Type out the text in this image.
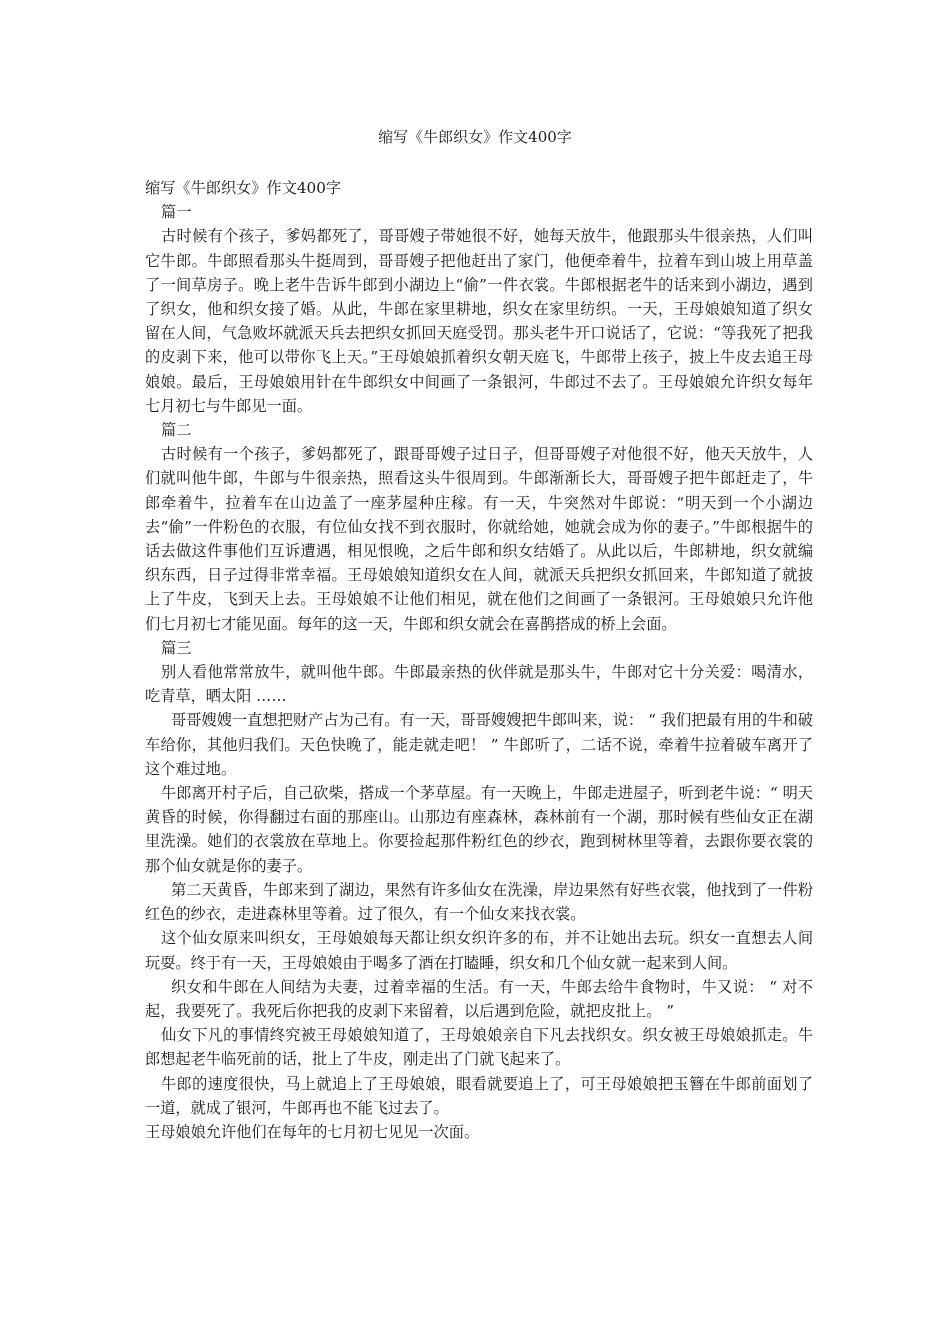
缩写《牛郎织女》作文400字

缩写《牛郎织女》作文400字

篇一

古时候有个孩子，爹妈都死了，哥哥嫂子带她很不好，她每天放牛，他跟那头牛很亲热，人们叫它牛郎。牛郎照看那头牛挺周到，哥哥嫂子把他赶出了家门，他便牵着牛，拉着车到山坡上用草盖了一间草房子。晚上老牛告诉牛郎到小湖边上“偷”一件衣裳。牛郎根据老牛的话来到小湖边，遇到了织女，他和织女接了婚。从此，牛郎在家里耕地，织女在家里纺织。一天，王母娘娘知道了织女留在人间，气急败坏就派天兵去把织女抓回天庭受罚。那头老牛开口说话了，它说：“等我死了把我的皮剥下来，他可以带你飞上天。”王母娘娘抓着织女朝天庭飞，牛郎带上孩子，披上牛皮去追王母娘娘。最后，王母娘娘用针在牛郎织女中间画了一条银河，牛郎过不去了。王母娘娘允许织女每年七月初七与牛郎见一面。

篇二

古时候有一个孩子，爹妈都死了，跟哥哥嫂子过日子，但哥哥嫂子对他很不好，他天天放牛，人们就叫他牛郎，牛郎与牛很亲热，照看这头牛很周到。牛郎渐渐长大，哥哥嫂子把牛郎赶走了，牛郎牵着牛，拉着车在山边盖了一座茅屋种庄稼。有一天，牛突然对牛郎说：“明天到一个小湖边去“偷”一件粉色的衣服，有位仙女找不到衣服时，你就给她，她就会成为你的妻子。”牛郎根据牛的话去做这件事他们互诉遭遇，相见恨晚，之后牛郎和织女结婚了。从此以后，牛郎耕地，织女就编织东西，日子过得非常幸福。王母娘娘知道织女在人间，就派天兵把织女抓回来，牛郎知道了就披上了牛皮，飞到天上去。王母娘娘不让他们相见，就在他们之间画了一条银河。王母娘娘只允许他们七月初七才能见面。每年的这一天，牛郎和织女就会在喜鹊搭成的桥上会面。

篇三

别人看他常常放牛，就叫他牛郎。牛郎最亲热的伙伴就是那头牛，牛郎对它十分关爱：喝清水，吃青草，晒太阳 ……

哥哥嫂嫂一直想把财产占为己有。有一天，哥哥嫂嫂把牛郎叫来，说： “ 我们把最有用的牛和破车给你，其他归我们。天色快晚了，能走就走吧！ ” 牛郎听了，二话不说，牵着牛拉着破车离开了这个难过地。

牛郎离开村子后，自己砍柴，搭成一个茅草屋。有一天晚上，牛郎走进屋子，听到老牛说：“ 明天黄昏的时候，你得翻过右面的那座山。山那边有座森林，森林前有一个湖，那时候有些仙女正在湖里洗澡。她们的衣裳放在草地上。你要捡起那件粉红色的纱衣，跑到树林里等着，去跟你要衣裳的那个仙女就是你的妻子。

第二天黄昏，牛郎来到了湖边，果然有许多仙女在洗澡，岸边果然有好些衣裳，他找到了一件粉红色的纱衣，走进森林里等着。过了很久，有一个仙女来找衣裳。

这个仙女原来叫织女，王母娘娘每天都让织女织许多的布，并不让她出去玩。织女一直想去人间玩耍。终于有一天，王母娘娘由于喝多了酒在打瞌睡，织女和几个仙女就一起来到人间。

织女和牛郎在人间结为夫妻，过着幸福的生活。有一天，牛郎去给牛食物时，牛又说： “ 对不起，我要死了。我死后你把我的皮剥下来留着，以后遇到危险，就把皮批上。 ”

仙女下凡的事情终究被王母娘娘知道了，王母娘娘亲自下凡去找织女。织女被王母娘娘抓走。牛郎想起老牛临死前的话，批上了牛皮，刚走出了门就飞起来了。

牛郎的速度很快，马上就追上了王母娘娘，眼看就要追上了，可王母娘娘把玉簪在牛郎前面划了一道，就成了银河，牛郎再也不能飞过去了。

王母娘娘允许他们在每年的七月初七见见一次面。
